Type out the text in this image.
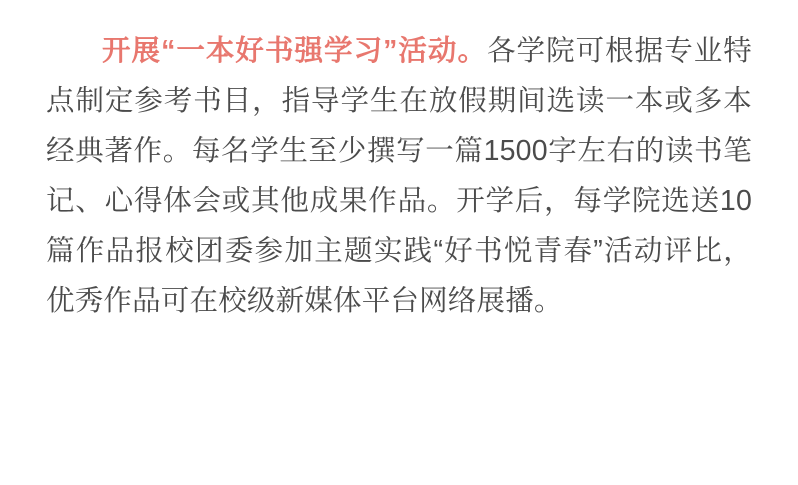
开展“一本好书强学习”活动。各学院可根据专业特点制定参考书目，指导学生在放假期间选读一本或多本经典著作。每名学生至少撰写一篇1500字左右的读书笔记、心得体会或其他成果作品。开学后，每学院选送10篇作品报校团委参加主题实践“好书悦青春”活动评比，优秀作品可在校级新媒体平台网络展播。
